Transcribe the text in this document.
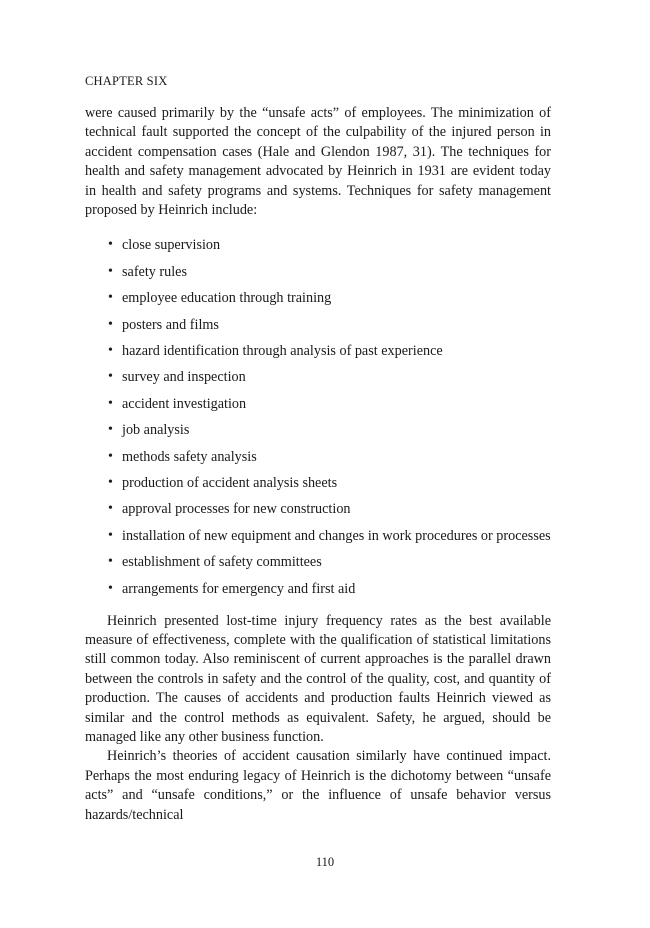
CHAPTER SIX

were caused primarily by the “unsafe acts” of employees. The minimization of technical fault supported the concept of the culpability of the injured person in accident compensation cases (Hale and Glendon 1987, 31). The techniques for health and safety management advocated by Heinrich in 1931 are evident today in health and safety programs and systems. Techniques for safety management proposed by Heinrich include:

• close supervision
• safety rules
• employee education through training
• posters and films
• hazard identification through analysis of past experience
• survey and inspection
• accident investigation
• job analysis
• methods safety analysis
• production of accident analysis sheets
• approval processes for new construction
• installation of new equipment and changes in work procedures or processes
• establishment of safety committees
• arrangements for emergency and first aid

Heinrich presented lost-time injury frequency rates as the best available measure of effectiveness, complete with the qualification of statistical limitations still common today. Also reminiscent of current approaches is the parallel drawn between the controls in safety and the control of the quality, cost, and quantity of production. The causes of accidents and production faults Heinrich viewed as similar and the control methods as equivalent. Safety, he argued, should be managed like any other business function.

Heinrich’s theories of accident causation similarly have continued impact. Perhaps the most enduring legacy of Heinrich is the dichotomy between “unsafe acts” and “unsafe conditions,” or the influence of unsafe behavior versus hazards/technical

110
